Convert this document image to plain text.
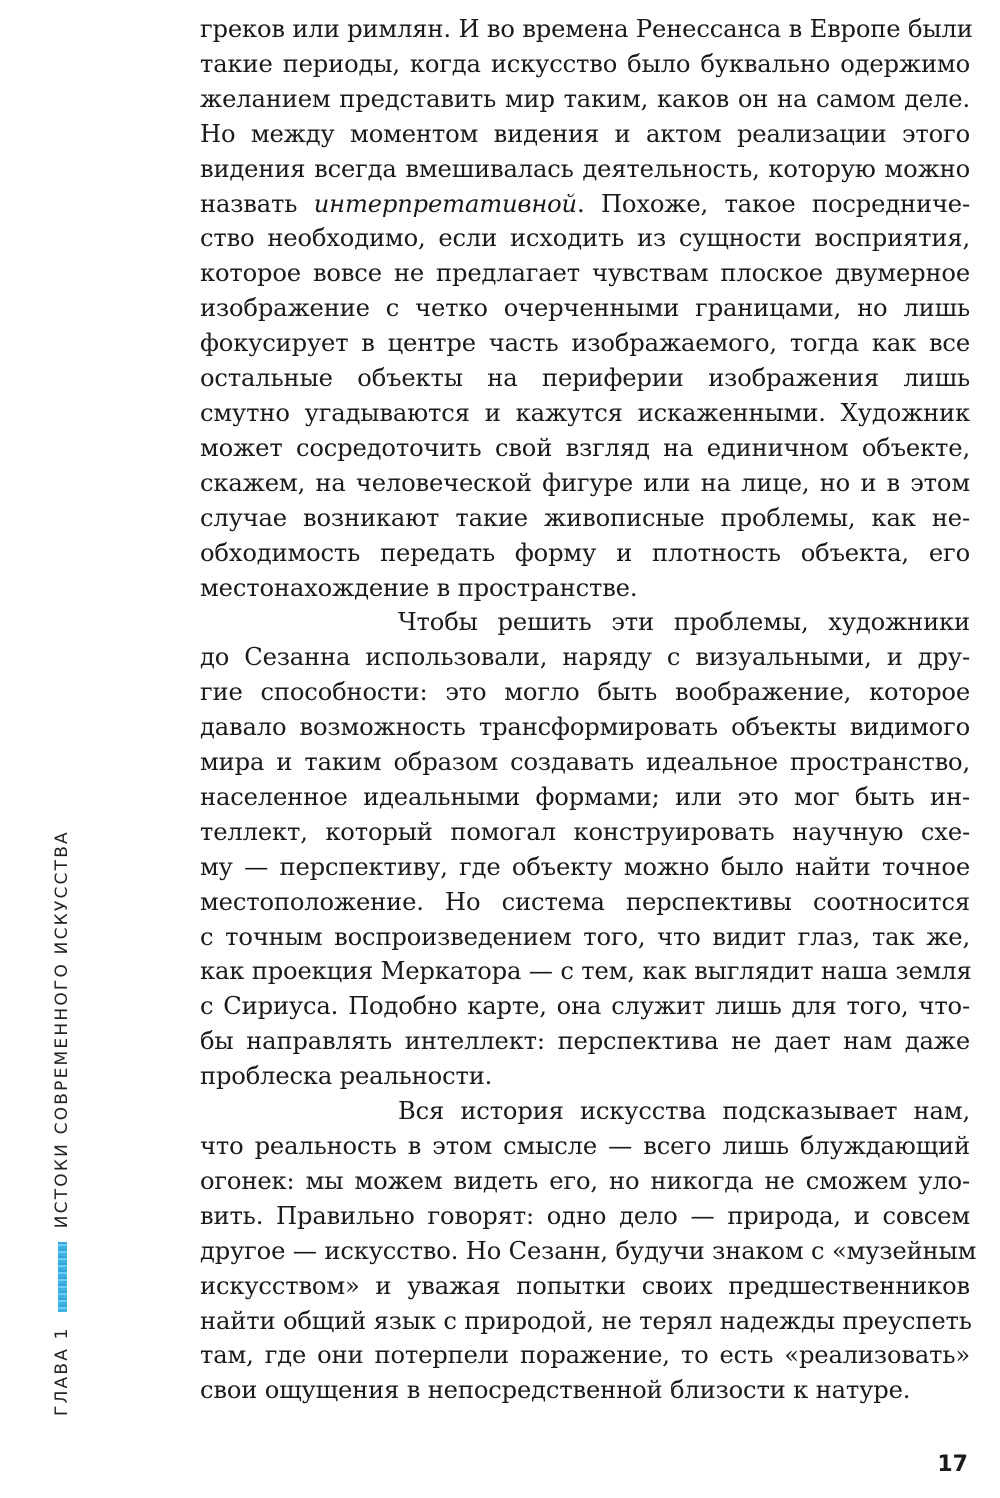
греков или римлян. И во времена Ренессанса в Европе были
такие периоды, когда искусство было буквально одержимо
желанием представить мир таким, каков он на самом деле.
Но между моментом видения и актом реализации этого
видения всегда вмешивалась деятельность, которую можно
назвать интерпретативной. Похоже, такое посредниче-
ство необходимо, если исходить из сущности восприятия,
которое вовсе не предлагает чувствам плоское двумерное
изображение с четко очерченными границами, но лишь
фокусирует в центре часть изображаемого, тогда как все
остальные объекты на периферии изображения лишь
смутно угадываются и кажутся искаженными. Художник
может сосредоточить свой взгляд на единичном объекте,
скажем, на человеческой фигуре или на лице, но и в этом
случае возникают такие живописные проблемы, как не-
обходимость передать форму и плотность объекта, его
местонахождение в пространстве.
Чтобы решить эти проблемы, художники
до Сезанна использовали, наряду с визуальными, и дру-
гие способности: это могло быть воображение, которое
давало возможность трансформировать объекты видимого
мира и таким образом создавать идеальное пространство,
населенное идеальными формами; или это мог быть ин-
теллект, который помогал конструировать научную схе-
му — перспективу, где объекту можно было найти точное
местоположение. Но система перспективы соотносится
с точным воспроизведением того, что видит глаз, так же,
как проекция Меркатора — с тем, как выглядит наша земля
с Сириуса. Подобно карте, она служит лишь для того, что-
бы направлять интеллект: перспектива не дает нам даже
проблеска реальности.
Вся история искусства подсказывает нам,
что реальность в этом смысле — всего лишь блуждающий
огонек: мы можем видеть его, но никогда не сможем уло-
вить. Правильно говорят: одно дело — природа, и совсем
другое — искусство. Но Сезанн, будучи знаком с «музейным
искусством» и уважая попытки своих предшественников
найти общий язык с природой, не терял надежды преуспеть
там, где они потерпели поражение, то есть «реализовать»
свои ощущения в непосредственной близости к натуре.
ГЛАВА 1
ИСТОКИ СОВРЕМЕННОГО ИСКУССТВА
17
